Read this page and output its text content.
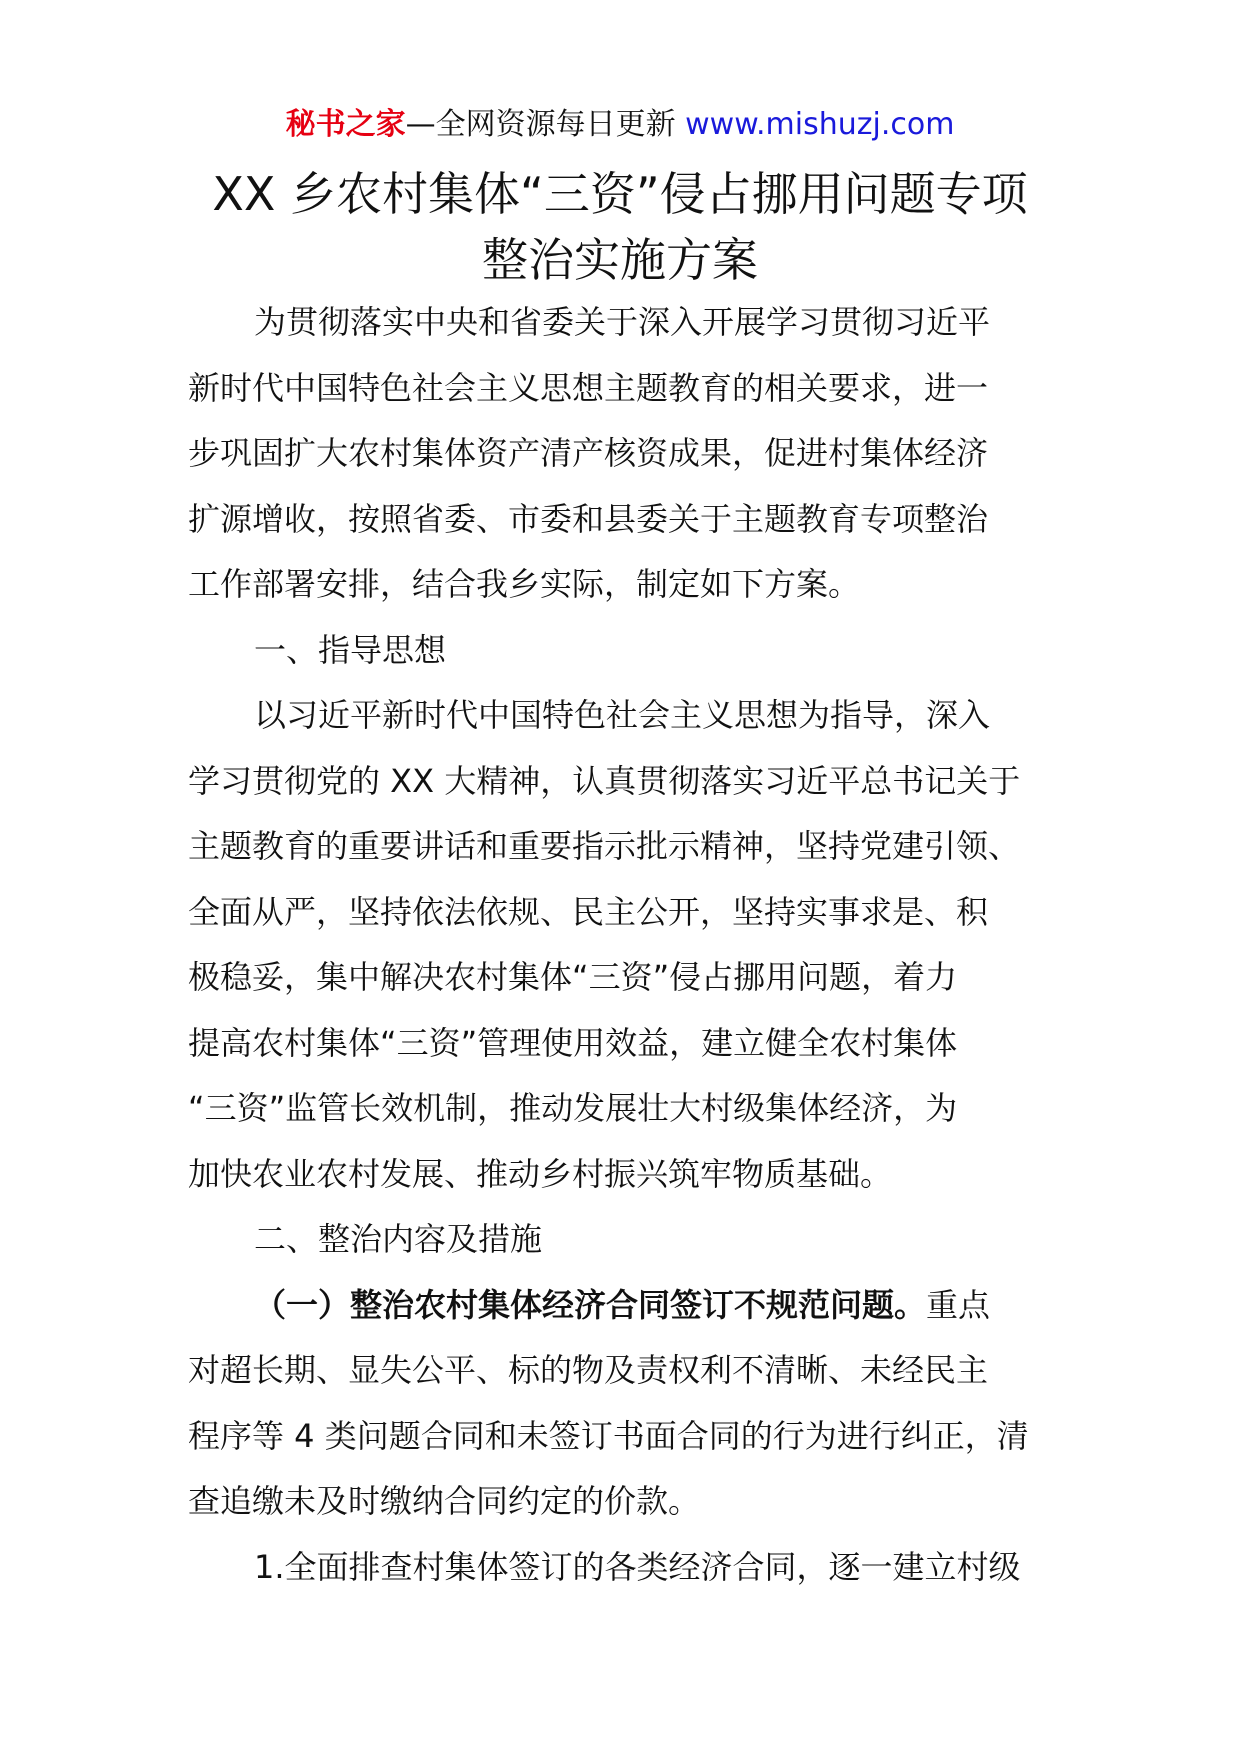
秘书之家—全网资源每日更新 www.mishuzj.com
XX 乡农村集体“三资”侵占挪用问题专项
整治实施方案
为贯彻落实中央和省委关于深入开展学习贯彻习近平
新时代中国特色社会主义思想主题教育的相关要求，进一
步巩固扩大农村集体资产清产核资成果，促进村集体经济
扩源增收，按照省委、市委和县委关于主题教育专项整治
工作部署安排，结合我乡实际，制定如下方案。
一、指导思想
以习近平新时代中国特色社会主义思想为指导，深入
学习贯彻党的 XX 大精神，认真贯彻落实习近平总书记关于
主题教育的重要讲话和重要指示批示精神，坚持党建引领、
全面从严，坚持依法依规、民主公开，坚持实事求是、积
极稳妥，集中解决农村集体“三资”侵占挪用问题，着力
提高农村集体“三资”管理使用效益，建立健全农村集体
“三资”监管长效机制，推动发展壮大村级集体经济，为
加快农业农村发展、推动乡村振兴筑牢物质基础。
二、整治内容及措施
（一）整治农村集体经济合同签订不规范问题。重点
对超长期、显失公平、标的物及责权利不清晰、未经民主
程序等 4 类问题合同和未签订书面合同的行为进行纠正，清
查追缴未及时缴纳合同约定的价款。
1.全面排查村集体签订的各类经济合同，逐一建立村级
